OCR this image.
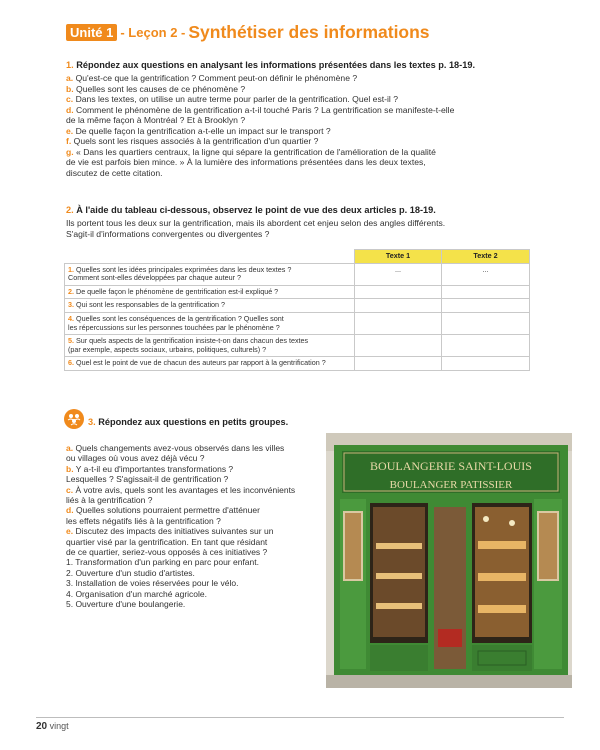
Unité 1 - Leçon 2 - Synthétiser des informations
1. Répondez aux questions en analysant les informations présentées dans les textes p. 18-19.
a. Qu'est-ce que la gentrification ? Comment peut-on définir le phénomène ?
b. Quelles sont les causes de ce phénomène ?
c. Dans les textes, on utilise un autre terme pour parler de la gentrification. Quel est-il ?
d. Comment le phénomène de la gentrification a-t-il touché Paris ? La gentrification se manifeste-t-elle
de la même façon à Montréal ? Et à Brooklyn ?
e. De quelle façon la gentrification a-t-elle un impact sur le transport ?
f. Quels sont les risques associés à la gentrification d'un quartier ?
g. « Dans les quartiers centraux, la ligne qui sépare la gentrification de l'amélioration de la qualité
de vie est parfois bien mince. » À la lumière des informations présentées dans les deux textes,
discutez de cette citation.
2. À l'aide du tableau ci-dessous, observez le point de vue des deux articles p. 18-19.
Ils portent tous les deux sur la gentrification, mais ils abordent cet enjeu selon des angles différents.
S'agit-il d'informations convergentes ou divergentes ?
	Texte 1	Texte 2
1. Quelles sont les idées principales exprimées dans les deux textes ?
Comment sont-elles développées par chaque auteur ?	...	...
2. De quelle façon le phénomène de gentrification est-il expliqué ?		
3. Qui sont les responsables de la gentrification ?		
4. Quelles sont les conséquences de la gentrification ? Quelles sont
les répercussions sur les personnes touchées par le phénomène ?		
5. Sur quels aspects de la gentrification insiste-t-on dans chacun des textes
(par exemple, aspects sociaux, urbains, politiques, culturels) ?		
6. Quel est le point de vue de chacun des auteurs par rapport à la gentrification ?		
3. Répondez aux questions en petits groupes.
a. Quels changements avez-vous observés dans les villes
ou villages où vous avez déjà vécu ?
b. Y a-t-il eu d'importantes transformations ?
Lesquelles ? S'agissait-il de gentrification ?
c. À votre avis, quels sont les avantages et les inconvénients
liés à la gentrification ?
d. Quelles solutions pourraient permettre d'atténuer
les effets négatifs liés à la gentrification ?
e. Discutez des impacts des initiatives suivantes sur un
quartier visé par la gentrification. En tant que résidant
de ce quartier, seriez-vous opposés à ces initiatives ?
1. Transformation d'un parking en parc pour enfant.
2. Ouverture d'un studio d'artistes.
3. Installation de voies réservées pour le vélo.
4. Organisation d'un marché agricole.
5. Ouverture d'une boulangerie.
BOULANGERIE SAINT-LOUIS
BOULANGER PATISSIER
20 vingt
